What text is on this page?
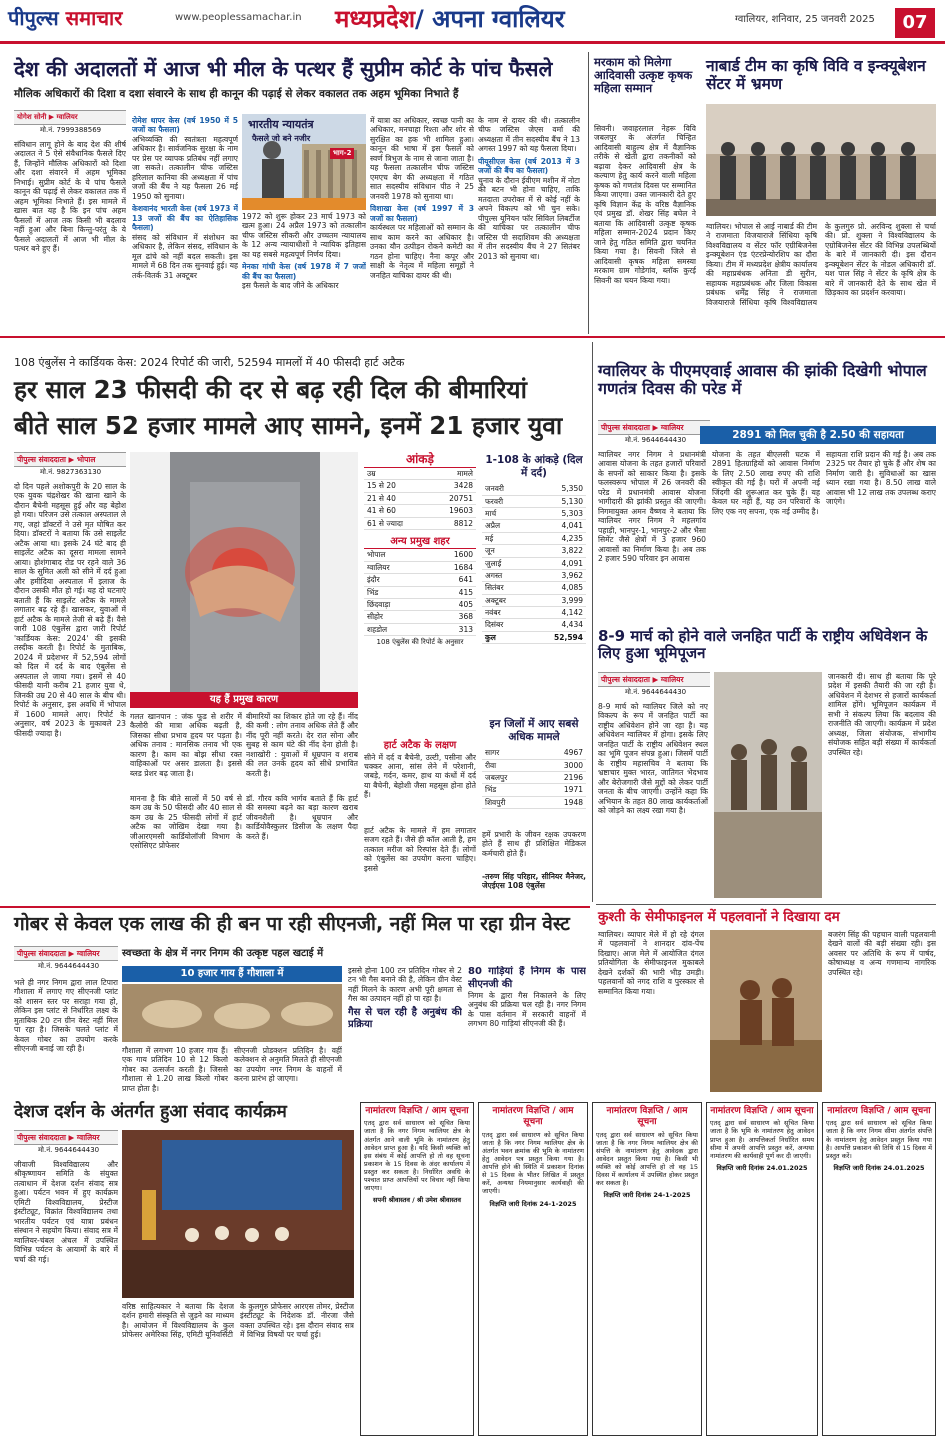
पीपुल्स समाचार	www.peoplessamachar.in मध्यप्रदेश/ अपना ग्वालियर	ग्वालियर, शनिवार, 25 जनवरी 2025	07
देश की अदालतों में आज भी मील के पत्थर हैं सुप्रीम कोर्ट के पांच फैसले
मौलिक अधिकारों की दिशा व दशा संवारने के साथ ही कानून की पढ़ाई से लेकर वकालत तक अहम भूमिका निभाते हैं
योगेश सोनी ▶ ग्वालियर
मो.नं. 7999388569
संविधान लागू होने के बाद देश की शीर्ष अदालत ने 5 ऐसे संवैधानिक फैसले दिए हैं, जिन्होंने मौलिक अधिकारों को दिशा और दशा संवारने में अहम भूमिका निभाई। सुप्रीम कोर्ट के ये पांच फैसले कानून की पढ़ाई से लेकर वकालत तक में अहम भूमिका निभाते हैं। इस मामले में खास बात यह है कि इन पांच अहम फैसलों में आज तक किसी भी बदलाव नहीं हुआ और बिना किन्तु-परंतु के ये फैसले अदालतों में आज भी मील के पत्थर बने हुए हैं।
रोमेश थापर केस (वर्ष 1950 में 5 जजों का फैसला)

अभिव्यक्ति की स्वतंत्रता महत्वपूर्ण अधिकार है। सार्वजनिक सुरक्षा के नाम पर प्रेस पर व्यापक प्रतिबंध नहीं लगाए जा सकते। तत्कालीन चीफ जस्टिस हरिलाल कानिया की अध्यक्षता में पांच जजों की बैंच ने यह फैसला 26 मई 1950 को सुनाया।

केशवानंद भारती केस (वर्ष 1973 में 13 जजों की बैंच का ऐतिहासिक फैसला)

संसद को संविधान में संशोधन का अधिकार है, लेकिन संसद, संविधान के मूल ढांचे को नहीं बदल सकती। इस मामले में 68 दिन तक सुनवाई हुई। यह तर्क-वितर्क 31 अक्टूबर

भारतीय न्यायतंत्र
फैसले जो बने नजीर
भाग-2

1972 को शुरू होकर 23 मार्च 1973 को खत्म हुआ। 24 अप्रैल 1973 को तत्कालीन चीफ जस्टिस सीकरी और उच्चतम न्यायालय के 12 अन्य न्यायाधीशों ने न्यायिक इतिहास का यह सबसे महत्वपूर्ण निर्णय दिया।

मेनका गांधी केस (वर्ष 1978 में 7 जजों की बैंच का फैसला)

इस फैसले के बाद जीने के अधिकार

में यात्रा का अधिकार, स्वच्छ पानी का अधिकार, मनचाहा रिश्ता और शोर से सुरक्षित का हक भी शामिल हुआ। कानून की भाषा में इस फैसले को स्वर्ण त्रिभुज के नाम से जाना जाता है। यह फैसला तत्कालीन चीफ जस्टिस एमएच बेग की अध्यक्षता में गठित सात सदस्यीय संविधान पीठ ने 25 जनवरी 1978 को सुनाया था।

विशाखा केस (वर्ष 1997 में 3 जजों का फैसला)

कार्यस्थल पर महिलाओं को सम्मान के साथ काम करने का अधिकार है। उनका यौन उत्पीड़न रोकने कमेटी का गठन होना चाहिए। नैना कपूर और साक्षी के नेतृत्व में महिला समूहों ने जनहित याचिका दायर की थी।

के नाम से दायर की थी। तत्कालीन चीफ जस्टिस जेएस वर्मा की अध्यक्षता में तीन सदस्यीय बैंच ने 13 अगस्त 1997 को यह फैसला दिया।

पीयूसीएल केस (वर्ष 2013 में 3 जजों की बैंच का फैसला)

चुनाव के दौरान ईवीएम मशीन में नोटा की बटन भी होना चाहिए, ताकि मतदाता उपरोक्त में से कोई नहीं के अपने विकल्प को भी चुन सके। पीपुल्स यूनियन फॉर सिविल लिबर्टीज की याचिका पर तत्कालीन चीफ जस्टिस पी सदाशिवम की अध्यक्षता में तीन सदस्यीय बैंच ने 27 सितंबर 2013 को सुनाया था।

मरकाम को मिलेगा आदिवासी उत्कृष्ट कृषक महिला सम्मान
सिवनी। जवाहरलाल नेहरू विवि जबलपुर के अंतर्गत चिन्हित आदिवासी बाहुल्य क्षेत्र में वैज्ञानिक तरीके से खेती द्वारा तकनीकों को बढ़ावा देकर आदिवासी क्षेत्र के कल्याण हेतु कार्य करने वाली महिला कृषक को गणतंत्र दिवस पर सम्मानित किया जाएगा। उक्त जानकारी देते हुए कृषि विज्ञान केंद्र के वरिष्ठ वैज्ञानिक एवं प्रमुख डॉ. शेखर सिंह बघेल ने बताया कि आदिवासी उत्कृष्ट कृषक महिला सम्मान-2024 प्रदान किए जाने हेतु गठित समिति द्वारा चयनित किया गया है। सिवनी जिले से आदिवासी कृषक महिला समस्या मरकाम ग्राम गोडेगांव, ब्लॉक कुरई सिवनी का चयन किया गया।
नाबार्ड टीम का कृषि विवि व इन्क्यूबेशन सेंटर में भ्रमण
ग्वालियर। भोपाल से आई नाबार्ड की टीम ने राजमाता विजयाराजे सिंधिया कृषि विश्वविद्यालय व सेंटर फॉर एग्रीबिजनेस इन्क्यूबेशन एंड एंटरप्रेन्योरशिप का दौरा किया। टीम में मध्यप्रदेश क्षेत्रीय कार्यालय की महाप्रबंधक अनिता डी सुरीन, सहायक महाप्रबंधक और जिला विकास प्रबंधक धर्मेंद्र सिंह ने राजमाता विजयाराजे सिंधिया कृषि विश्वविद्यालय के कुलगुरु प्रो. अरविन्द शुक्ला से चर्चा की। प्रो. शुक्ला ने विश्वविद्यालय के एग्रोबिजनेस सेंटर की विभिन्न उपलब्धियों के बारे में जानकारी दी। इस दौरान इन्क्यूबेशन सेंटर के नोडल अधिकारी डॉ. यश पाल सिंह ने सेंटर के कृषि क्षेत्र के बारे में जानकारी देते के साथ खेत में छिड़काव का प्रदर्शन करवाया।
108 एंबुलेंस ने कार्डियक केस: 2024 रिपोर्ट की जारी, 52594 मामलों में 40 फीसदी हार्ट अटैक
हर साल 23 फीसदी की दर से बढ़ रही दिल की बीमारियां
बीते साल 52 हजार मामले आए सामने, इनमें 21 हजार युवा
पीपुल्स संवाददाता ▶ भोपाल
मो.नं. 9827363130
दो दिन पहले अशोकपुरी के 20 साल के एक युवक चंद्रशेखर की खाना खाने के दौरान बैचेनी महसूस हुई और वह बेहोश हो गया। परिजन उसे तत्काल अस्पताल ले गए, जहां डॉक्टरों ने उसे मृत घोषित कर दिया। डॉक्टरों ने बताया कि उसे साइलेंट अटैक आया था। इसके 24 घंटे बाद ही साइलेंट अटैक का दूसरा मामला सामने आया। होशंगाबाद रोड पर रहने वाले 36 साल के सुमित अली को सीने में दर्द हुआ और हमीदिया अस्पताल में इलाज के दौरान उसकी मौत हो गई। यह दो घटनाएं बताती हैं कि साइलेंट अटैक के मामले लगातार बढ़ रहे हैं। खासकर, युवाओं में हार्ट अटैक के मामले तेजी से बढ़े हैं। वैसे जारी 108 एंबुलेंस द्वारा जारी रिपोर्ट 'कार्डियक केस: 2024' की इसकी तस्दीक करती है। रिपोर्ट के मुताबिक, 2024 में प्रदेशभर में 52,594 लोगों को दिल में दर्द के बाद एंबुलेंस से अस्पताल ले जाया गया। इसमें से 40 फीसदी यानी करीब 21 हजार युवा थे, जिनकी उम्र 20 से 40 साल के बीच थी। रिपोर्ट के अनुसार, इस अवधि में भोपाल में 1600 मामले आए। रिपोर्ट के अनुसार, वर्ष 2023 के मुकाबले 23 फीसदी ज्यादा है।
यह हैं प्रमुख कारण
गलत खानपान : जंक फूड से शरीर में कैलोरी की मात्रा अधिक बढ़ती है, जिसका सीधा प्रभाव हृदय पर पड़ता है। अधिक तनाव : मानसिक तनाव भी एक कारण है। काम का बोझ सीधा रक्त वाहिकाओं पर असर डालता है। इससे ब्लड प्रेशर बढ़ जाता है।
बीमारियों का शिकार होते जा रहे हैं। नींद की कमी : लोग तनाव अधिक लेते हैं और नींद पूरी नहीं करते। देर रात सोना और सुबह से काम घंटे की नींद देना होती है। नशाखोरी : युवाओं में धूम्रपान व शराब की लत उनके हृदय को सीधे प्रभावित करती है।
मानना है कि बीते सालों में 50 वर्ष से कम उम्र के 50 फीसदी और 40 साल से कम उम्र के 25 फीसदी लोगों में हार्ट अटैक का जोखिम देखा गया है। जीआरएमसी कार्डियोलॉजी विभाग के एसोसिएट प्रोफेसर
डॉ. गौरव कवि भार्गव बताते हैं कि हार्ट की समस्या बढ़ने का बड़ा कारण खराब जीवनशैली है। धूम्रपान और कार्डियोवैस्कुलर डिसीज के लक्षण पैदा करते हैं।
आंकड़े
उम्र	मामले
15 से 20	3428
21 से 40	20751
41 से 60	19603
61 से ज्यादा	8812
अन्य प्रमुख शहर
भोपाल	1600
ग्वालियर	1684
इंदौर	641
भिंड	415
छिंदवाड़ा	405
सीहोर	368
शहडोल	313
108 एंबुलेंस की रिपोर्ट के अनुसार
हार्ट अटैक के लक्षण
सीने में दर्द व बैचेनी, उल्टी, पसीना और चक्कर आना, सांस लेने में परेशानी, जबड़े, गर्दन, कमर, हाथ या कंधों में दर्द या बैचेनी, बेहोशी जैसा महसूस होना होते हैं।
हार्ट अटैक के मामले में हम लगातार सजग रहते हैं। जैसे ही कॉल आती है, हम तत्काल मरीज को रिस्पांस देते हैं। लोगों को एंबुलेंस का उपयोग करना चाहिए। इससे
1-108 के आंकड़े (दिल में दर्द)
जनवरी	5,350
फरवरी	5,130
मार्च	5,303
अप्रैल	4,041
मई	4,235
जून	3,822
जुलाई	4,091
अगस्त	3,962
सितंबर	4,085
अक्टूबर	3,999
नवंबर	4,142
दिसंबर	4,434
कुल	52,594
इन जिलों में आए सबसे अधिक मामले
सागर	4967
रीवा	3000
जबलपुर	2196
भिंड	1971
शिवपुरी	1948
हमें प्रभारी के जीवन रक्षक उपकरण होते हैं साथ ही प्रशिक्षित मेडिकल कर्मचारी होते हैं।
-तरुण सिंह परिहार, सीनियर मैनेजर, जेएईएस 108 एंबुलेंस
ग्वालियर के पीएमएवाई आवास की झांकी दिखेगी भोपाल गणतंत्र दिवस की परेड में
पीपुल्स संवाददाता ▶ ग्वालियर
मो.नं. 9644644430	2891 को मिल चुकी है 2.50 की सहायता
ग्वालियर नगर निगम ने प्रधानमंत्री आवास योजना के तहत हजारों परिवारों के सपनों को साकार किया है। इसके फलस्वरूप भोपाल में 26 जनवरी की परेड में प्रधानमंत्री आवास योजना भागीदारी की झांकी प्रस्तुत की जाएगी। निगमायुक्त अमन वैष्णव ने बताया कि ग्वालियर नगर निगम ने महलगांव पहाड़ी, भानपुर-1, भानपुर-2 और भैसा सिमेंट जैसे क्षेत्रों में 3 हजार 960 आवासों का निर्माण किया है। अब तक 2 हजार 590 परिवार इन आवास
योजना के तहत बीएलसी घटक में 2891 हितग्राहियों को आवास निर्माण के लिए 2.50 लाख रुपए की राशि स्वीकृत की गई है। घरों में अपनी नई जिंदगी की शुरूआत कर चुके हैं। यह केवल घर नहीं हैं, यह उन परिवारों के लिए एक नए सपना, एक नई उम्मीद है।
सहायता राशि प्रदान की गई है। अब तक 2325 घर तैयार हो चुके हैं और शेष का निर्माण जारी है। सुविधाओं का खास ध्यान रखा गया है। 8.50 लाख वाले आवास भी 12 लाख तक उपलब्ध कराए जाएंगे।
8-9 मार्च को होने वाले जनहित पार्टी के राष्ट्रीय अधिवेशन के लिए हुआ भूमिपूजन
पीपुल्स संवाददाता ▶ ग्वालियर
मो.नं. 9644644430
8-9 मार्च को ग्वालियर जिले को नए विकल्प के रूप में जनहित पार्टी का राष्ट्रीय अधिवेशन होने जा रहा है। यह अधिवेशन ग्वालियर में होगा। इसके लिए जनहित पार्टी के राष्ट्रीय अधिवेशन स्थल का भूमि पूजन संपन्न हुआ। जिसमें पार्टी के राष्ट्रीय महासचिव ने बताया कि भ्रष्टाचार मुक्त भारत, जातिगत भेदभाव और बेरोजगारी जैसे मुद्दों को लेकर पार्टी जनता के बीच जाएगी। उन्होंने कहा कि अभियान के तहत 80 लाख कार्यकर्ताओं को जोड़ने का लक्ष्य रखा गया है।
जानकारी दी। साथ ही बताया कि पूरे प्रदेश में इसकी तैयारी की जा रही है। अधिवेशन में देशभर से हजारों कार्यकर्ता शामिल होंगे। भूमिपूजन कार्यक्रम में सभी ने संकल्प लिया कि बदलाव की राजनीति की जाएगी। कार्यक्रम में प्रदेश अध्यक्ष, जिला संयोजक, संभागीय संयोजक सहित बड़ी संख्या में कार्यकर्ता उपस्थित रहे।
कुश्ती के सेमीफाइनल में पहलवानों ने दिखाया दम
ग्वालियर। व्यापार मेले में हो रहे दंगल में पहलवानों ने शानदार दांव-पेंच दिखाए। आज मेले में आयोजित दंगल प्रतियोगिता के सेमीफाइनल मुकाबले देखने दर्शकों की भारी भीड़ उमड़ी। पहलवानों को नगद राशि व पुरस्कार से सम्मानित किया गया।
बजरंग सिंह की पहचान वाली पहलवानी देखने वालों की बड़ी संख्या रही। इस अवसर पर अतिथि के रूप में पार्षद, कोषाध्यक्ष व अन्य गणमान्य नागरिक उपस्थित रहे।
गोबर से केवल एक लाख की ही बन पा रही सीएनजी, नहीं मिल पा रहा ग्रीन वेस्ट
पीपुल्स संवाददाता ▶ ग्वालियर
मो.नं. 9644644430
स्वच्छता के क्षेत्र में नगर निगम की उत्कृष्ट पहल खटाई में
भले ही नगर निगम द्वारा लाल टिपारा गौशाला में लगाए गए सीएनजी प्लांट को शासन स्तर पर सराहा गया हो, लेकिन इस प्लांट से निर्धारित लक्ष्य के मुताबिक 20 टन ग्रीन वेस्ट नहीं मिल पा रहा है। जिसके चलते प्लांट में केवल गोबर का उपयोग करके सीएनजी बनाई जा रही है।
10 हजार गाय हैं गौशाला में
गौशाला में लगभग 10 हजार गाय हैं। एक गाय प्रतिदिन 10 से 12 किलो गोबर का उत्सर्जन करती है। जिससे गौशाला से 1.20 लाख किलो गोबर प्राप्त होता है।
सीएनजी प्रोडक्शन प्रतिदिन है। वहीं कलेक्शन से अनुमति मिलते ही सीएनजी का उपयोग नगर निगम के वाहनों में करना प्रारंभ हो जाएगा।

इससे होना 100 टन प्रतिदिन गोबर से 2 टन भी गैस बनाने की है, लेकिन ग्रीन वेस्ट नहीं मिलने के कारण अभी पूरी क्षमता से गैस का उत्पादन नहीं हो पा रहा है।

गैस से चल रही है अनुबंध की प्रक्रिया
80 गाड़ियां हैं निगम के पास सीएनजी की

निगम के द्वारा गैस निकालने के लिए अनुबंध की प्रक्रिया चल रही है। नगर निगम के पास वर्तमान में सरकारी वाहनों में लगभग 80 गाड़ियां सीएनजी की हैं।

देशज दर्शन के अंतर्गत हुआ संवाद कार्यक्रम
पीपुल्स संवाददाता ▶ ग्वालियर
मो.नं. 9644644430
जीवाजी विश्वविद्यालय और श्रीकृष्णायन समिति के संयुक्त तत्वाधान में देशज दर्शन संवाद सत्र हुआ। पर्यटन भवन में हुए कार्यक्रम एमिटी विश्वविद्यालय, प्रेस्टीज इंस्टीट्यूट, विक्रांत विश्वविद्यालय तथा भारतीय पर्यटन एवं यात्रा प्रबंधन संस्थान ने सहयोग किया। संवाद सत्र में ग्वालियर-चंबल अंचल में उपस्थित विभिन्न पर्यटन के आयामों के बारे में चर्चा की गई।
वरिष्ठ साहित्यकार ने बताया कि देशज दर्शन हमारी संस्कृति से जुड़ने का माध्यम है। आयोजन में विश्वविद्यालय के कुल प्रोफेसर अमेरिका सिंह, एमिटी यूनिवर्सिटी
के कुलगुरु प्रोफेसर आरएस तोमर, प्रेस्टीज इंस्टीट्यूट के निदेशक डॉ. नीरजा जैसे वक्ता उपस्थित रहे। इस दौरान संवाद सत्र में विभिन्न विषयों पर चर्चा हुई।
नामांतरण विज्ञप्ति / आम सूचना
एतद् द्वारा सर्व साधारण को सूचित किया जाता है कि नगर निगम ग्वालियर क्षेत्र के अंतर्गत आने वाली भूमि के नामांतरण हेतु आवेदन प्राप्त हुआ है। यदि किसी व्यक्ति को इस संबंध में कोई आपत्ति हो तो वह सूचना प्रकाशन के 15 दिवस के अंदर कार्यालय में प्रस्तुत कर सकता है। निर्धारित अवधि के पश्चात प्राप्त आपत्तियों पर विचार नहीं किया जाएगा।
सपनी श्रीवास्तव / श्री उमेश श्रीवास्तव
नामांतरण विज्ञप्ति / आम सूचना
एतद् द्वारा सर्व साधारण को सूचित किया जाता है कि नगर निगम ग्वालियर क्षेत्र के अंतर्गत भवन क्रमांक की भूमि के नामांतरण हेतु आवेदन पत्र प्रस्तुत किया गया है। आपत्ति होने की स्थिति में प्रकाशन दिनांक से 15 दिवस के भीतर लिखित में प्रस्तुत करें, अन्यथा नियमानुसार कार्यवाही की जाएगी।
विज्ञप्ति जारी दिनांक 24-1-2025
नामांतरण विज्ञप्ति / आम सूचना
एतद् द्वारा सर्व साधारण को सूचित किया जाता है कि नगर निगम ग्वालियर क्षेत्र की संपत्ति के नामांतरण हेतु आवेदक द्वारा आवेदन प्रस्तुत किया गया है। किसी भी व्यक्ति को कोई आपत्ति हो तो वह 15 दिवस में कार्यालय में उपस्थित होकर प्रस्तुत कर सकता है।
विज्ञप्ति जारी दिनांक 24-1-2025
नामांतरण विज्ञप्ति / आम सूचना
एतद् द्वारा सर्व साधारण को सूचित किया जाता है कि भूमि के नामांतरण हेतु आवेदन प्राप्त हुआ है। आपत्तिकर्ता निर्धारित समय सीमा में अपनी आपत्ति प्रस्तुत करें, अन्यथा नामांतरण की कार्यवाही पूर्ण कर दी जाएगी।
विज्ञप्ति जारी दिनांक 24.01.2025
नामांतरण विज्ञप्ति / आम सूचना
एतद् द्वारा सर्व साधारण को सूचित किया जाता है कि नगर निगम सीमा अंतर्गत संपत्ति के नामांतरण हेतु आवेदन प्रस्तुत किया गया है। आपत्ति प्रकाशन की तिथि से 15 दिवस में प्रस्तुत करें।
विज्ञप्ति जारी दिनांक 24.01.2025
